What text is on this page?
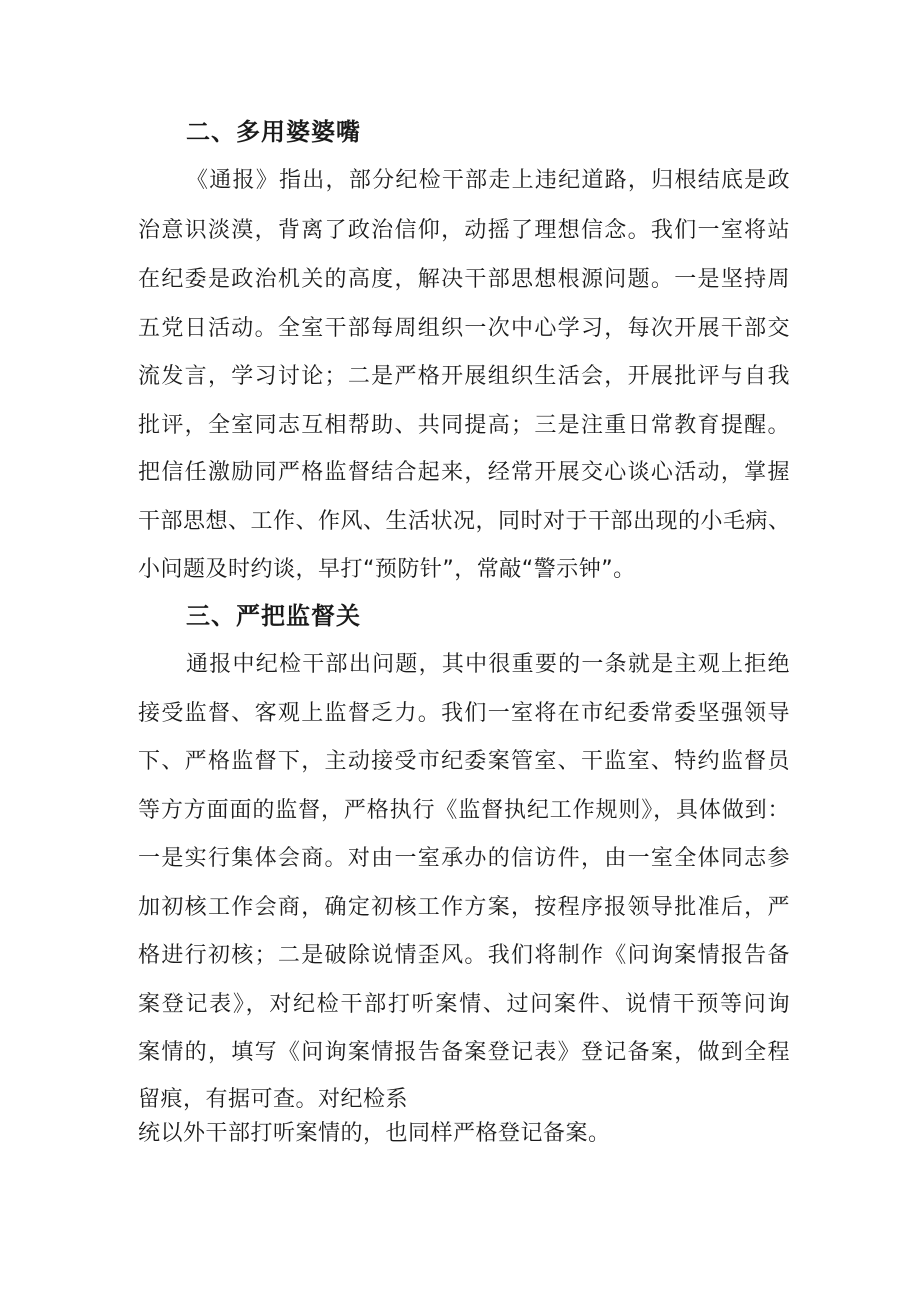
二、多用婆婆嘴
《通报》指出，部分纪检干部走上违纪道路，归根结底是政
治意识淡漠，背离了政治信仰，动摇了理想信念。我们一室将站
在纪委是政治机关的高度，解决干部思想根源问题。一是坚持周
五党日活动。全室干部每周组织一次中心学习，每次开展干部交
流发言，学习讨论；二是严格开展组织生活会，开展批评与自我
批评，全室同志互相帮助、共同提高；三是注重日常教育提醒。
把信任激励同严格监督结合起来，经常开展交心谈心活动，掌握
干部思想、工作、作风、生活状况，同时对于干部出现的小毛病、
小问题及时约谈，早打“预防针”，常敲“警示钟”。
三、严把监督关
通报中纪检干部出问题，其中很重要的一条就是主观上拒绝
接受监督、客观上监督乏力。我们一室将在市纪委常委坚强领导
下、严格监督下，主动接受市纪委案管室、干监室、特约监督员
等方方面面的监督，严格执行《监督执纪工作规则》，具体做到：
一是实行集体会商。对由一室承办的信访件，由一室全体同志参
加初核工作会商，确定初核工作方案，按程序报领导批准后，严
格进行初核；二是破除说情歪风。我们将制作《问询案情报告备
案登记表》，对纪检干部打听案情、过问案件、说情干预等问询
案情的，填写《问询案情报告备案登记表》登记备案，做到全程
留痕，有据可查。对纪检系
统以外干部打听案情的，也同样严格登记备案。
